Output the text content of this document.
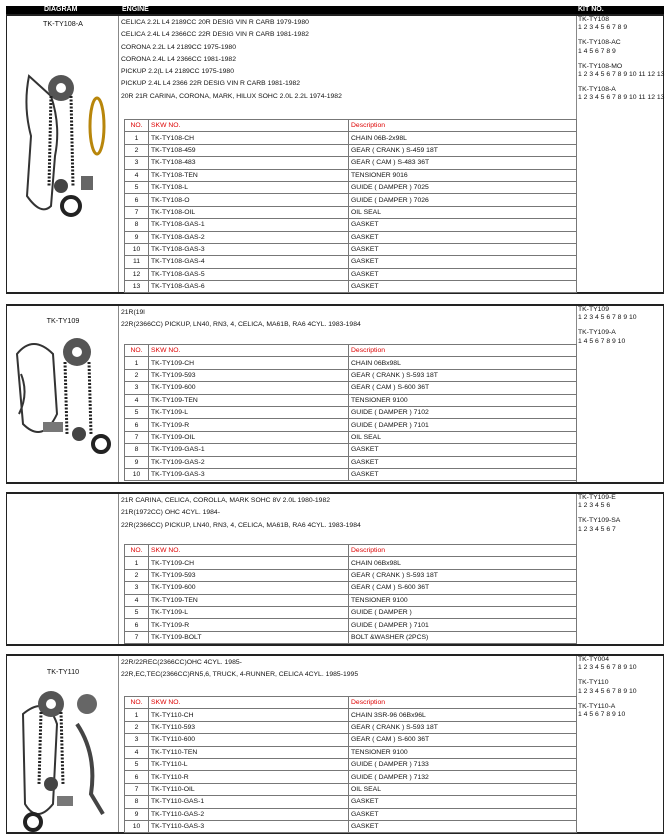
DIAGRAM	ENGINE	KIT NO.
TK-TY108-A	CELICA 2.2L L4 2189CC 20R DESIG VIN R CARB 1979-1980
CELICA 2.4L L4 2366CC 22R DESIG VIN R CARB 1981-1982
CORONA 2.2L L4 2189CC 1975-1980
CORONA 2.4L L4 2366CC 1981-1982
PICKUP 2.2(L L4 2189CC 1975-1980
PICKUP 2.4L L4 2366 22R DESIG VIN R CARB 1981-1982
20R 21R CARINA, CORONA, MARK, HILUX SOHC 2.0L 2.2L 1974-1982
TK-TY108
1 2 3 4 5 6 7 8 9
TK-TY108-AC
1 4 5 6 7 8 9
TK-TY108-MO
1 2 3 4 5 6 7 8 9 10 11 12 13
TK-TY108-A
1 2 3 4 5 6 7 8 9 10 11 12 13
NO.	SKW NO.	Description
1	TK-TY108-CH	CHAIN 06B-2x98L
2	TK-TY108-459	GEAR ( CRANK ) S-459 18T
3	TK-TY108-483	GEAR ( CAM ) S-483 36T
4	TK-TY108-TEN	TENSIONER 9016
5	TK-TY108-L	GUIDE ( DAMPER ) 7025
6	TK-TY108-O	GUIDE ( DAMPER ) 7026
7	TK-TY108-OIL	OIL SEAL
8	TK-TY108-GAS-1	GASKET
9	TK-TY108-GAS-2	GASKET
10	TK-TY108-GAS-3	GASKET
11	TK-TY108-GAS-4	GASKET
12	TK-TY108-GAS-5	GASKET
13	TK-TY108-GAS-6	GASKET
TK-TY109
21R(19l
22R(2366CC) PICKUP, LN40, RN3, 4, CELICA, MA61B, RA6 4CYL. 1983-1984
TK-TY109
1 2 3 4 5 6 7 8 9 10
TK-TY109-A
1 4 5 6 7 8 9 10
NO.	SKW NO.	Description
1	TK-TY109-CH	CHAIN 06Bx98L
2	TK-TY109-593	GEAR ( CRANK ) S-593 18T
3	TK-TY109-600	GEAR ( CAM ) S-600 36T
4	TK-TY109-TEN	TENSIONER 9100
5	TK-TY109-L	GUIDE ( DAMPER ) 7102
6	TK-TY109-R	GUIDE ( DAMPER ) 7101
7	TK-TY109-OIL	OIL SEAL
8	TK-TY109-GAS-1	GASKET
9	TK-TY109-GAS-2	GASKET
10	TK-TY109-GAS-3	GASKET
21R CARINA, CELICA, COROLLA, MARK SOHC 8V 2.0L 1980-1982
21R(1972CC) OHC 4CYL. 1984-
22R(2366CC) PICKUP, LN40, RN3, 4, CELICA, MA61B, RA6 4CYL. 1983-1984
TK-TY109-E
1 2 3 4 5 6
TK-TY109-SA
1 2 3 4 5 6 7
NO.	SKW NO.	Description
1	TK-TY109-CH	CHAIN 06Bx98L
2	TK-TY109-593	GEAR ( CRANK ) S-593 18T
3	TK-TY109-600	GEAR ( CAM ) S-600 36T
4	TK-TY109-TEN	TENSIONER 9100
5	TK-TY109-L	GUIDE ( DAMPER )
6	TK-TY109-R	GUIDE ( DAMPER ) 7101
7	TK-TY109-BOLT	BOLT &WASHER (2PCS)
TK-TY110
22R/22REC(2366CC)OHC 4CYL. 1985-
22R,EC,TEC(2366CC)RN5,6, TRUCK, 4-RUNNER, CELICA 4CYL. 1985-1995
TK-TY004
1 2 3 4 5 6 7 8 9 10
TK-TY110
1 2 3 4 5 6 7 8 9 10
TK-TY110-A
1 4 5 6 7 8 9 10
NO.	SKW NO.	Description
1	TK-TY110-CH	CHAIN 3SR-96 06Bx96L
2	TK-TY110-593	GEAR ( CRANK ) S-593 18T
3	TK-TY110-600	GEAR ( CAM ) S-600 36T
4	TK-TY110-TEN	TENSIONER 9100
5	TK-TY110-L	GUIDE ( DAMPER ) 7133
6	TK-TY110-R	GUIDE ( DAMPER ) 7132
7	TK-TY110-OIL	OIL SEAL
8	TK-TY110-GAS-1	GASKET
9	TK-TY110-GAS-2	GASKET
10	TK-TY110-GAS-3	GASKET
